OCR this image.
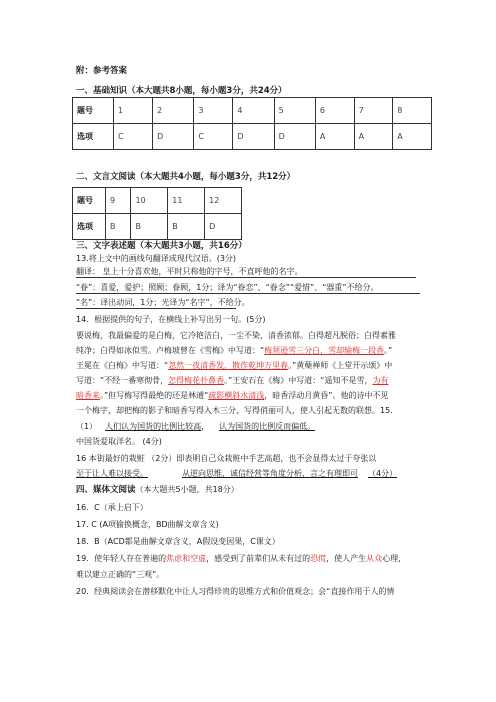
附：参考答案
一、基础知识（本大题共8小题，每小题3分，共24分）
题号	1	2	3	4	5	6	7	8
选项	C	D	C	D	D	A	A	A
二、文言文阅读（本大题共4小题，每小题3分，共12分）
题号	9	10	11	12
选项	B	B	B	D
三、文字表述题（本大题共3小题，共16分）
13.将上文中的画线句翻译成现代汉语。(3分)
翻译： 皇上十分喜欢他，平时只称他的字号，不直呼他的名字。
“眷”：喜爱，爱护；照顾；眷顾，1分；译为“眷恋”、“眷念”“爱惜”、“器重”不给分。
“名”：译出动词，1分；光译为“名字”，不给分。
14．根据提供的句子，在横线上补写出另一句。(5分)
要说梅，我最偏爱的是白梅，它冷艳洁白，一尘不染，清香浓郁。白得超凡脱俗；白得素雅
纯净；白得如冰似雪。卢梅坡曾在《雪梅》中写道：“梅须逊雪三分白，雪却输梅一段香。”
王冕在《白梅》中写道：“忽然一夜清香发，散作乾坤万里春。”黄蘖禅师《上堂开示颂》中
写道：“不经一番寒彻骨，怎得梅花扑鼻香。”王安石在《梅》中写道：“遥知不是雪，为有
暗香来。”但写梅写得最绝的还是林逋“疏影横斜水清浅，暗香浮动月黄昏”。他的诗中不见
一个梅字，却把梅的影子和暗香写得入木三分，写得俏丽可人，使人引起无数的联想。15.
（1） 人们认为国货的比例比较高， 认为国货的比例反而偏低。
中国货爱取洋名。 (4分)
16 本街最好的栽赃 （2分）即表明自己众栽赃中手艺高超，也不会显得太过于夸张以
至于让人难以接受。	从逆向思维，诚信经营等角度分析，言之有理即可 （4分）
四、媒体文阅读（本大题共5小题，共18分）
16．C（承上启下）
17. C (A项偷换概念，BD曲解文章含义)
18．B（ACD都是曲解文章含义，A假设变因果，C课文）
19．使年轻人存在普遍的焦虑和空虚，感受到了前辈们从未有过的恐慌，使人产生从众心理，
难以建立正确的“三观”。
20．经典阅读会在潜移默化中让人习得珍贵的思维方式和价值观念；会“直接作用于人的情
